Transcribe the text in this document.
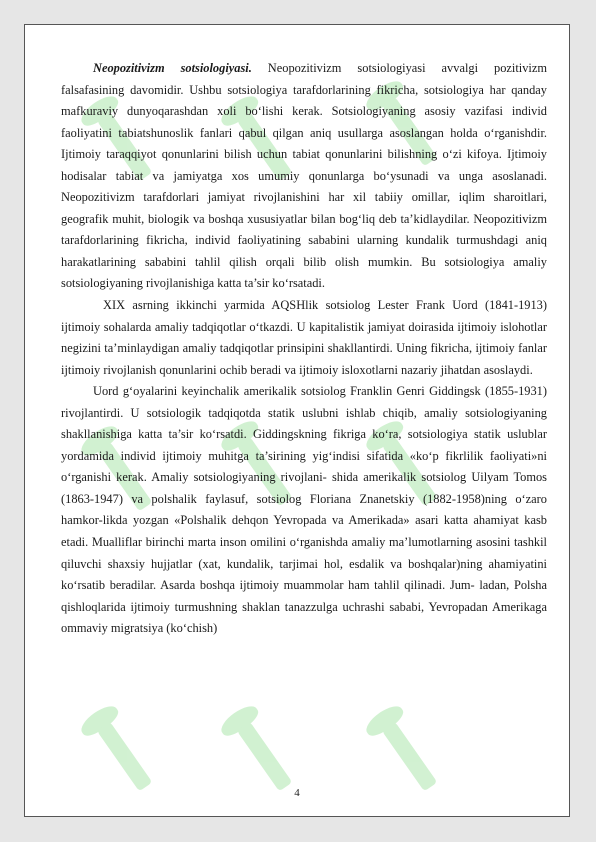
Neopozitivizm sotsiologiyasi. Neopozitivizm sotsiologiyasi avvalgi pozitivizm falsafasining davomidir. Ushbu sotsiologiya tarafdorlarining fikricha, sotsiologiya har qanday mafkuraviy dunyoqarashdan xoli bo‘lishi kerak. Sotsiologiyaning asosiy vazifasi individ faoliyatini tabiatshunoslik fanlari qabul qilgan aniq usullarga asoslangan holda o‘rganishdir. Ijtimoiy taraqqiyot qonunlarini bilish uchun tabiat qonunlarini bilishning o‘zi kifoya. Ijtimoiy hodisalar tabiat va jamiyatga xos umumiy qonunlarga bo‘ysunadi va unga asoslanadi. Neopozitivizm tarafdorlari jamiyat rivojlanishini har xil tabiiy omillar, iqlim sharoitlari, geografik muhit, biologik va boshqa xususiyatlar bilan bog‘liq deb ta’kidlaydilar. Neopozitivizm tarafdorlarining fikricha, individ faoliyatining sababini ularning kundalik turmushdagi aniq harakatlarining sababini tahlil qilish orqali bilib olish mumkin. Bu sotsiologiya amaliy sotsiologiyaning rivojlanishiga katta ta’sir ko‘rsatadi.

XIX asrning ikkinchi yarmida AQSHlik sotsiolog Lester Frank Uord (1841-1913) ijtimoiy sohalarda amaliy tadqiqotlar o‘tkazdi. U kapitalistik jamiyat doirasida ijtimoiy islohotlar negizini ta’minlaydigan amaliy tadqiqotlar prinsipini shakllantirdi. Uning fikricha, ijtimoiy fanlar ijtimoiy rivojlanish qonunlarini ochib beradi va ijtimoiy isloxotlarni nazariy jihatdan asoslaydi.

Uord g‘oyalarini keyinchalik amerikalik sotsiolog Franklin Genri Giddingsk (1855-1931) rivojlantirdi. U sotsiologik tadqiqotda statik uslubni ishlab chiqib, amaliy sotsiologiyaning shakllanishiga katta ta’sir ko‘rsatdi. Giddingskning fikriga ko‘ra, sotsiologiya statik uslublar yordamida individ ijtimoiy muhitga ta’sirining yig‘indisi sifatida «ko‘p fikrlilik faoliyati»ni o‘rganishi kerak. Amaliy sotsiologiyaning rivojlani- shida amerikalik sotsiolog Uilyam Tomos (1863-1947) va polshalik faylasuf, sotsiolog Floriana Znanetskiy (1882-1958)ning o‘zaro hamkor-likda yozgan «Polshalik dehqon Yevropada va Amerikada» asari katta ahamiyat kasb etadi. Mualliflar birinchi marta inson omilini o‘rganishda amaliy ma’lumotlarning asosini tashkil qiluvchi shaxsiy hujjatlar (xat, kundalik, tarjimai hol, esdalik va boshqalar)ning ahamiyatini ko‘rsatib beradilar. Asarda boshqa ijtimoiy muammolar ham tahlil qilinadi. Jum- ladan, Polsha qishloqlarida ijtimoiy turmushning shaklan tanazzulga uchrashi sababi, Yevropadan Amerikaga ommaviy migratsiya (ko‘chish)

4
